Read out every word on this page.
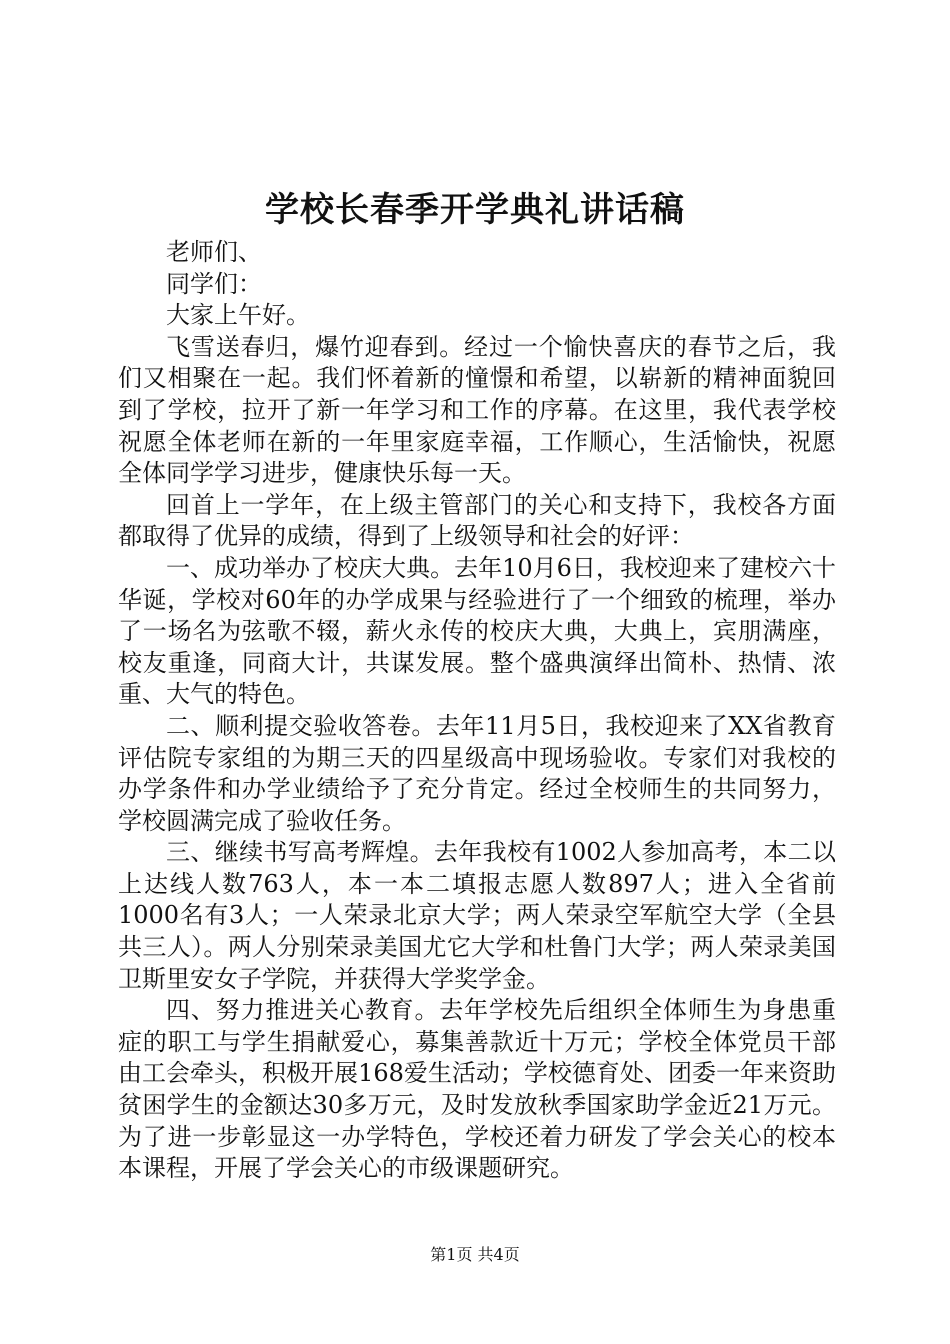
学校长春季开学典礼讲话稿

老师们、

同学们：

大家上午好。

飞雪送春归，爆竹迎春到。经过一个愉快喜庆的春节之后，我们又相聚在一起。我们怀着新的憧憬和希望，以崭新的精神面貌回到了学校，拉开了新一年学习和工作的序幕。在这里，我代表学校祝愿全体老师在新的一年里家庭幸福，工作顺心，生活愉快，祝愿全体同学学习进步，健康快乐每一天。

回首上一学年，在上级主管部门的关心和支持下，我校各方面都取得了优异的成绩，得到了上级领导和社会的好评：

一、成功举办了校庆大典。去年10月6日，我校迎来了建校六十华诞，学校对60年的办学成果与经验进行了一个细致的梳理，举办了一场名为弦歌不辍，薪火永传的校庆大典，大典上，宾朋满座，校友重逢，同商大计，共谋发展。整个盛典演绎出简朴、热情、浓重、大气的特色。

二、顺利提交验收答卷。去年11月5日，我校迎来了XX省教育评估院专家组的为期三天的四星级高中现场验收。专家们对我校的办学条件和办学业绩给予了充分肯定。经过全校师生的共同努力，学校圆满完成了验收任务。

三、继续书写高考辉煌。去年我校有1002人参加高考，本二以上达线人数763人，本一本二填报志愿人数897人；进入全省前1000名有3人；一人荣录北京大学；两人荣录空军航空大学（全县共三人）。两人分别荣录美国尤它大学和杜鲁门大学；两人荣录美国卫斯里安女子学院，并获得大学奖学金。

四、努力推进关心教育。去年学校先后组织全体师生为身患重症的职工与学生捐献爱心，募集善款近十万元；学校全体党员干部由工会牵头，积极开展168爱生活动；学校德育处、团委一年来资助贫困学生的金额达30多万元，及时发放秋季国家助学金近21万元。为了进一步彰显这一办学特色，学校还着力研发了学会关心的校本本课程，开展了学会关心的市级课题研究。

第1页 共4页
